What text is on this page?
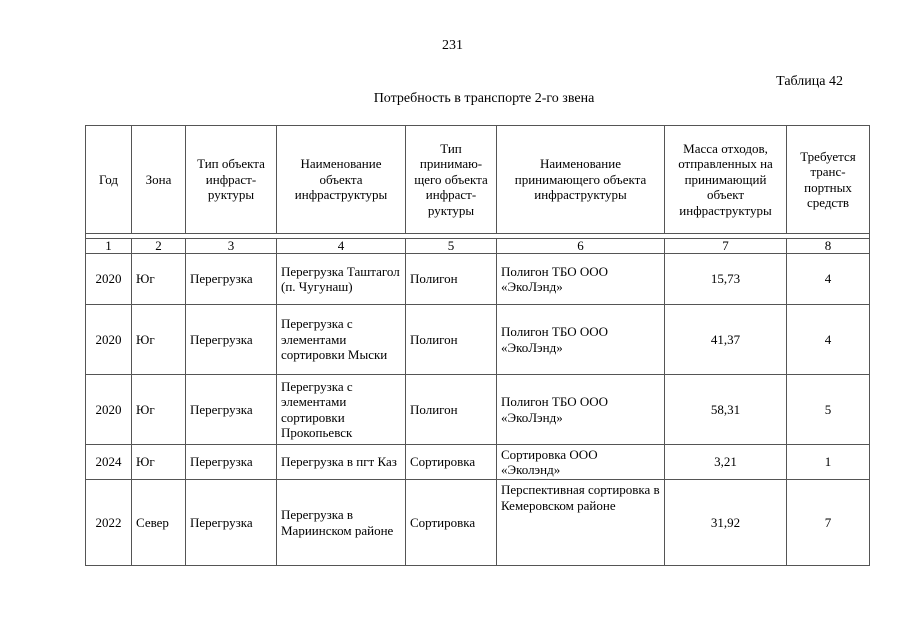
231
Таблица 42
Потребность в транспорте 2-го звена
Год	Зона	Тип объекта инфраст-руктуры	Наименование объекта инфраструктуры	Тип принимаю-щего объекта инфраст-руктуры	Наименование принимающего объекта инфраструктуры	Масса отходов, отправленных на принимающий объект инфраструктуры	Требуется транс-портных средств

1	2	3	4	5	6	7	8
2020	Юг	Перегрузка	Перегрузка Таштагол (п. Чугунаш)	Полигон	Полигон ТБО ООО «ЭкоЛэнд»	15,73	4
2020	Юг	Перегрузка	Перегрузка с элементами сортировки Мыски	Полигон	Полигон ТБО ООО «ЭкоЛэнд»	41,37	4
2020	Юг	Перегрузка	Перегрузка с элементами сортировки Прокопьевск	Полигон	Полигон ТБО ООО «ЭкоЛэнд»	58,31	5
2024	Юг	Перегрузка	Перегрузка в пгт Каз	Сортировка	Сортировка ООО «Эколэнд»	3,21	1
2022	Север	Перегрузка	Перегрузка в Мариинском районе	Сортировка	Перспективная сортировка в Кемеровском районе	31,92	7
